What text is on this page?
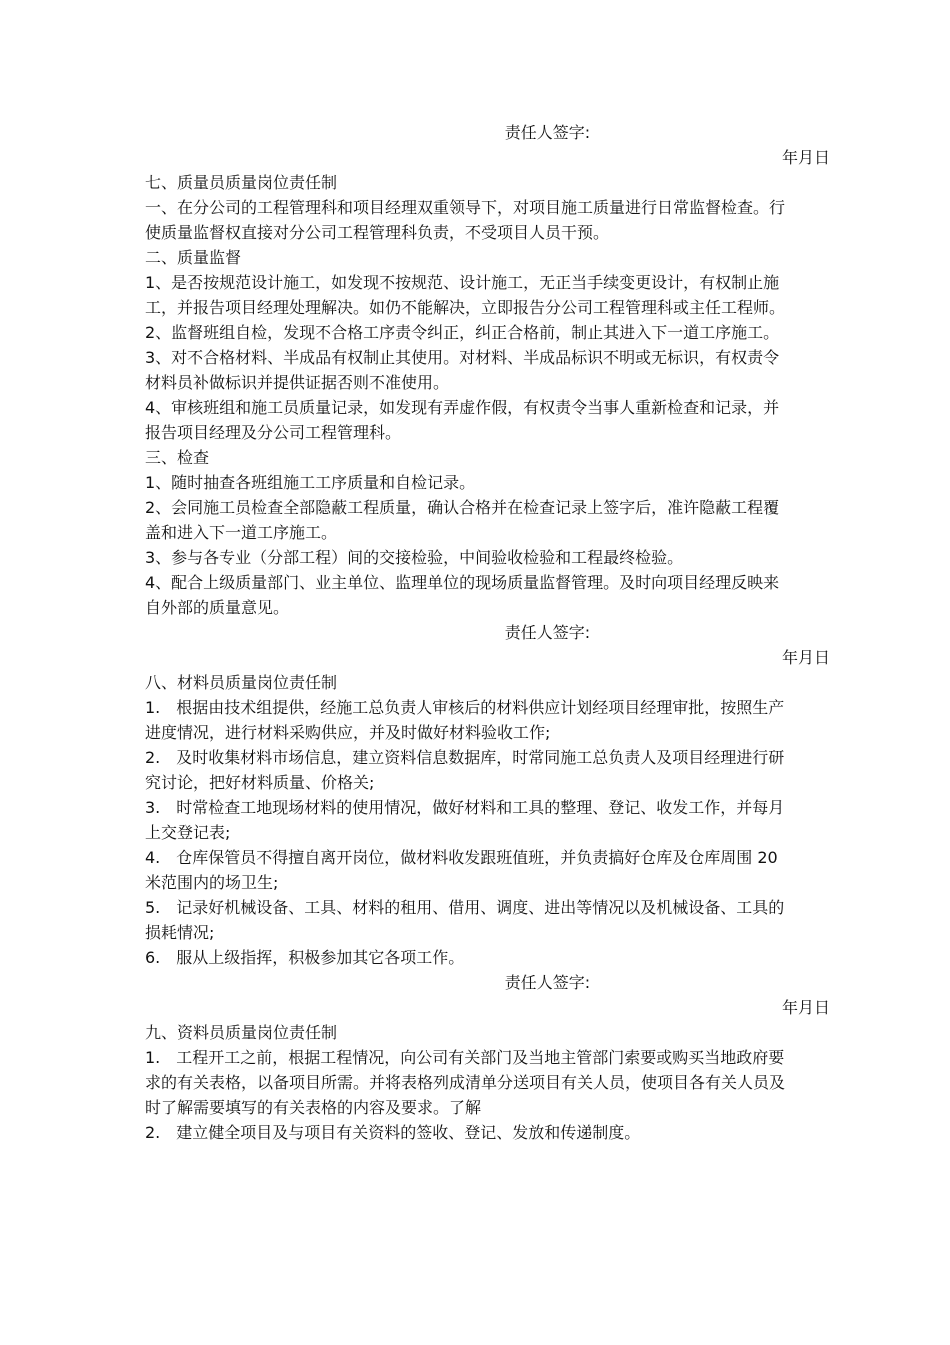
责任人签字:
年月日
七、质量员质量岗位责任制
一、在分公司的工程管理科和项目经理双重领导下，对项目施工质量进行日常监督检查。行使质量监督权直接对分公司工程管理科负责，不受项目人员干预。
二、质量监督
1、是否按规范设计施工，如发现不按规范、设计施工，无正当手续变更设计，有权制止施工，并报告项目经理处理解决。如仍不能解决，立即报告分公司工程管理科或主任工程师。
2、监督班组自检，发现不合格工序责令纠正，纠正合格前，制止其进入下一道工序施工。
3、对不合格材料、半成品有权制止其使用。对材料、半成品标识不明或无标识，有权责令材料员补做标识并提供证据否则不准使用。
4、审核班组和施工员质量记录，如发现有弄虚作假，有权责令当事人重新检查和记录，并报告项目经理及分公司工程管理科。
三、检查
1、随时抽查各班组施工工序质量和自检记录。
2、会同施工员检查全部隐蔽工程质量，确认合格并在检查记录上签字后，准许隐蔽工程覆盖和进入下一道工序施工。
3、参与各专业（分部工程）间的交接检验，中间验收检验和工程最终检验。
4、配合上级质量部门、业主单位、监理单位的现场质量监督管理。及时向项目经理反映来自外部的质量意见。
责任人签字:
年月日
八、材料员质量岗位责任制
1.　根据由技术组提供，经施工总负责人审核后的材料供应计划经项目经理审批，按照生产进度情况，进行材料采购供应，并及时做好材料验收工作;
2.　及时收集材料市场信息，建立资料信息数据库，时常同施工总负责人及项目经理进行研究讨论，把好材料质量、价格关;
3.　时常检查工地现场材料的使用情况，做好材料和工具的整理、登记、收发工作，并每月上交登记表;
4.　仓库保管员不得擅自离开岗位，做材料收发跟班值班，并负责搞好仓库及仓库周围 20 米范围内的场卫生;
5.　记录好机械设备、工具、材料的租用、借用、调度、进出等情况以及机械设备、工具的损耗情况;
6.　服从上级指挥，积极参加其它各项工作。
责任人签字:
年月日
九、资料员质量岗位责任制
1.　工程开工之前，根据工程情况，向公司有关部门及当地主管部门索要或购买当地政府要求的有关表格，以备项目所需。并将表格列成清单分送项目有关人员，使项目各有关人员及时了解需要填写的有关表格的内容及要求。了解
2.　建立健全项目及与项目有关资料的签收、登记、发放和传递制度。
